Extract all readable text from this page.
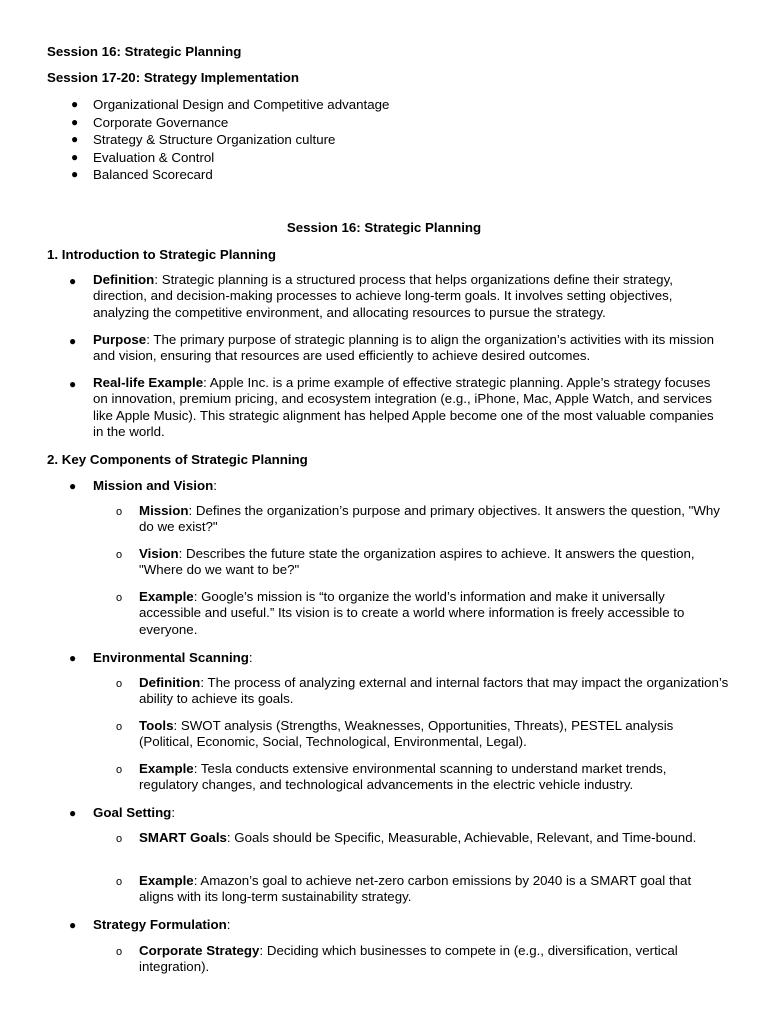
Session 16: Strategic Planning
Session 17-20: Strategy Implementation
● Organizational Design and Competitive advantage
● Corporate Governance
● Strategy & Structure Organization culture
● Evaluation & Control
● Balanced Scorecard
Session 16: Strategic Planning
1. Introduction to Strategic Planning
● Definition: Strategic planning is a structured process that helps organizations define their strategy, direction, and decision-making processes to achieve long-term goals. It involves setting objectives, analyzing the competitive environment, and allocating resources to pursue the strategy.
● Purpose: The primary purpose of strategic planning is to align the organization’s activities with its mission and vision, ensuring that resources are used efficiently to achieve desired outcomes.
● Real-life Example: Apple Inc. is a prime example of effective strategic planning. Apple’s strategy focuses on innovation, premium pricing, and ecosystem integration (e.g., iPhone, Mac, Apple Watch, and services like Apple Music). This strategic alignment has helped Apple become one of the most valuable companies in the world.
2. Key Components of Strategic Planning
● Mission and Vision:
o Mission: Defines the organization’s purpose and primary objectives. It answers the question, "Why do we exist?"
o Vision: Describes the future state the organization aspires to achieve. It answers the question, "Where do we want to be?"
o Example: Google’s mission is “to organize the world’s information and make it universally accessible and useful.” Its vision is to create a world where information is freely accessible to everyone.
● Environmental Scanning:
o Definition: The process of analyzing external and internal factors that may impact the organization’s ability to achieve its goals.
o Tools: SWOT analysis (Strengths, Weaknesses, Opportunities, Threats), PESTEL analysis (Political, Economic, Social, Technological, Environmental, Legal).
o Example: Tesla conducts extensive environmental scanning to understand market trends, regulatory changes, and technological advancements in the electric vehicle industry.
● Goal Setting:
o SMART Goals: Goals should be Specific, Measurable, Achievable, Relevant, and Time-bound.
o Example: Amazon’s goal to achieve net-zero carbon emissions by 2040 is a SMART goal that aligns with its long-term sustainability strategy.
● Strategy Formulation:
o Corporate Strategy: Deciding which businesses to compete in (e.g., diversification, vertical integration).
